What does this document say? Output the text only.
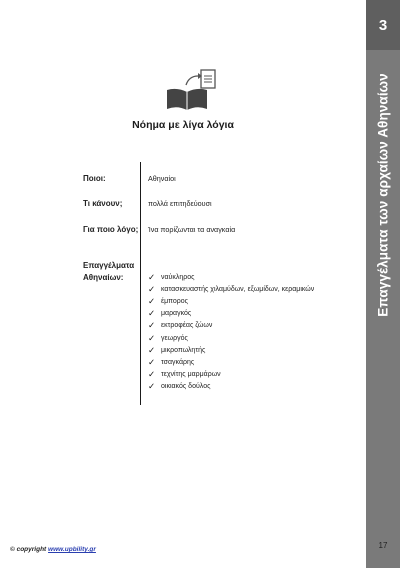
3
Επαγγέλματα των αρχαίων Αθηναίων
17
Νόημα με λίγα λόγια
Ποιοι:	Αθηναίοι
Τι κάνουν;	πολλά επιτηδεύουσι
Για ποιο λόγο; Ίνα πορίζωνται τα αναγκαία
Επαγγέλματα
Αθηναίων:	✓ ναύκληρος
✓ κατασκευαστής χιλαμύδων, εξωμίδων, κεραμικών
✓ έμπορος
✓ μαραγκός
✓ εκτροφέας ζώων
✓ γεωργός
✓ μικροπωλητής
✓ τσαγκάρης
✓ τεχνίτης μαρμάρων
✓ οικιακός δούλος
© copyright www.upbility.gr
